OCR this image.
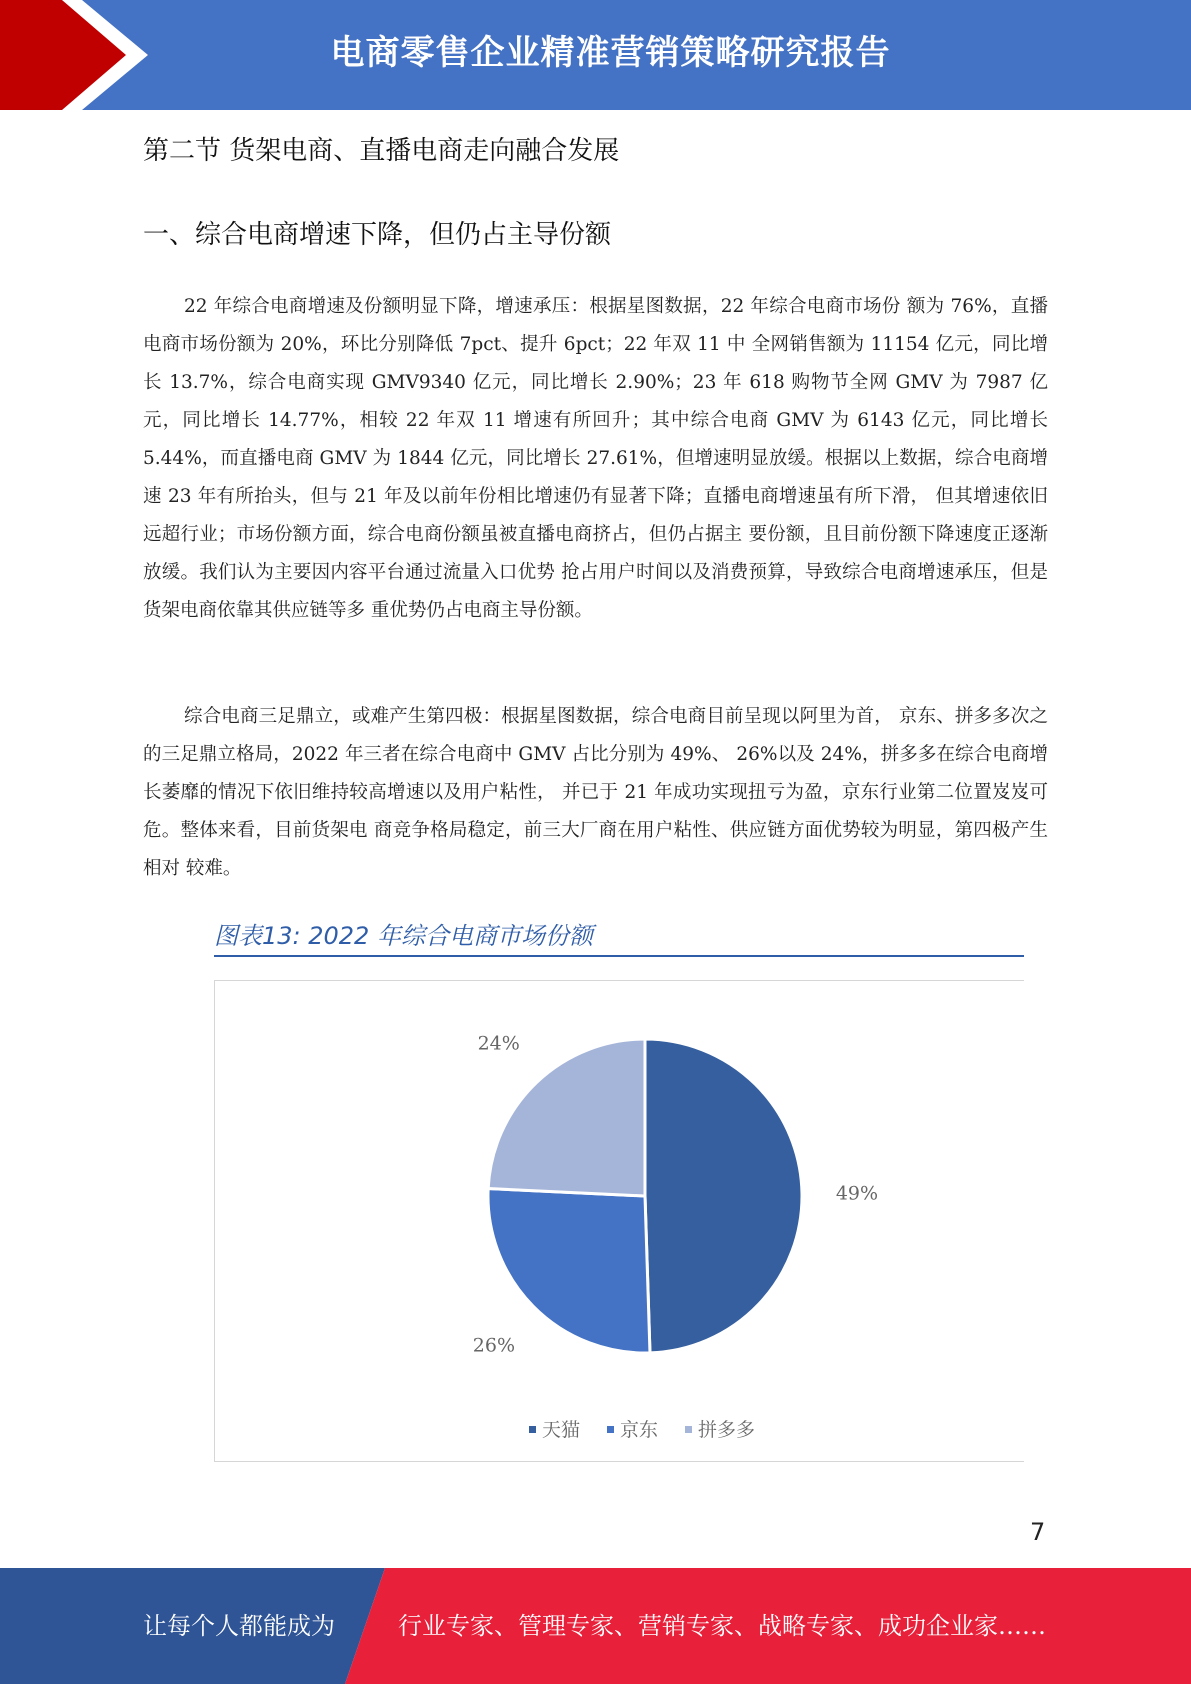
电商零售企业精准营销策略研究报告
第二节 货架电商、直播电商走向融合发展
一、综合电商增速下降，但仍占主导份额

22 年综合电商增速及份额明显下降，增速承压：根据星图数据，22 年综合电商市场份 额为 76%，直播电商市场份额为 20%，环比分别降低 7pct、提升 6pct；22 年双 11 中 全网销售额为 11154 亿元，同比增长 13.7%，综合电商实现 GMV9340 亿元，同比增长 2.90%；23 年 618 购物节全网 GMV 为 7987 亿元，同比增长 14.77%，相较 22 年双 11 增速有所回升；其中综合电商 GMV 为 6143 亿元，同比增长 5.44%，而直播电商 GMV 为 1844 亿元，同比增长 27.61%，但增速明显放缓。根据以上数据，综合电商增速 23 年有所抬头，但与 21 年及以前年份相比增速仍有显著下降；直播电商增速虽有所下滑， 但其增速依旧远超行业；市场份额方面，综合电商份额虽被直播电商挤占，但仍占据主 要份额，且目前份额下降速度正逐渐放缓。我们认为主要因内容平台通过流量入口优势 抢占用户时间以及消费预算，导致综合电商增速承压，但是货架电商依靠其供应链等多 重优势仍占电商主导份额。

综合电商三足鼎立，或难产生第四极：根据星图数据，综合电商目前呈现以阿里为首， 京东、拼多多次之的三足鼎立格局，2022 年三者在综合电商中 GMV 占比分别为 49%、 26%以及 24%，拼多多在综合电商增长萎靡的情况下依旧维持较高增速以及用户粘性， 并已于 21 年成功实现扭亏为盈，京东行业第二位置岌岌可危。整体来看，目前货架电 商竞争格局稳定，前三大厂商在用户粘性、供应链方面优势较为明显，第四极产生相对 较难。

图表13: 2022 年综合电商市场份额
49%
26%
24%
天猫 京东 拼多多
7
让每个人都能成为	行业专家、管理专家、营销专家、战略专家、成功企业家……
